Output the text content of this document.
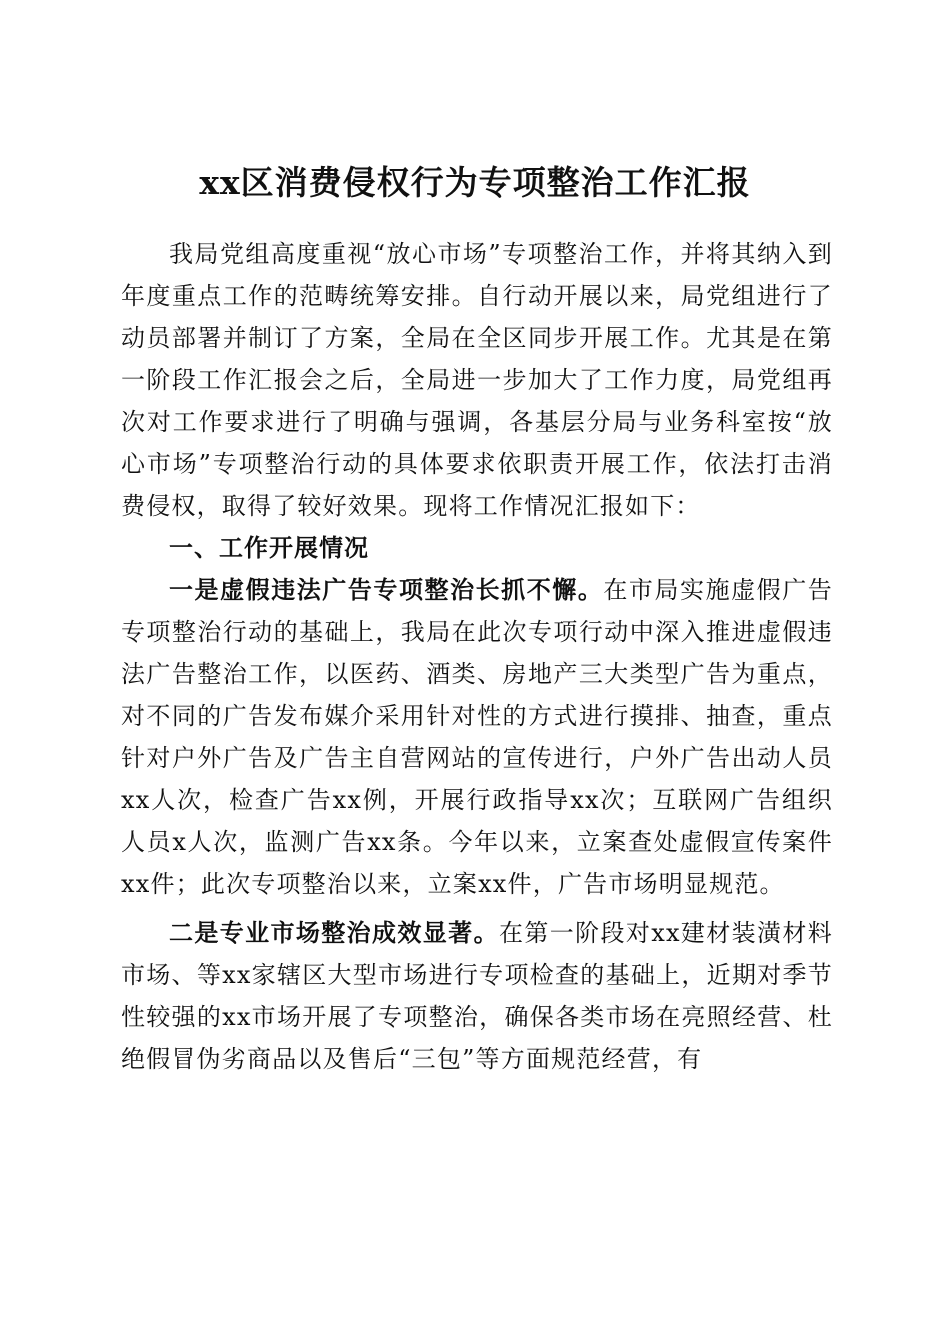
xx区消费侵权行为专项整治工作汇报

我局党组高度重视“放心市场”专项整治工作，并将其纳入到年度重点工作的范畴统筹安排。自行动开展以来，局党组进行了动员部署并制订了方案，全局在全区同步开展工作。尤其是在第一阶段工作汇报会之后，全局进一步加大了工作力度，局党组再次对工作要求进行了明确与强调，各基层分局与业务科室按“放心市场”专项整治行动的具体要求依职责开展工作，依法打击消费侵权，取得了较好效果。现将工作情况汇报如下：

一、工作开展情况

一是虚假违法广告专项整治长抓不懈。在市局实施虚假广告专项整治行动的基础上，我局在此次专项行动中深入推进虚假违法广告整治工作，以医药、酒类、房地产三大类型广告为重点，对不同的广告发布媒介采用针对性的方式进行摸排、抽查，重点针对户外广告及广告主自营网站的宣传进行，户外广告出动人员xx人次，检查广告xx例，开展行政指导xx次；互联网广告组织人员x人次，监测广告xx条。今年以来，立案查处虚假宣传案件xx件；此次专项整治以来，立案xx件，广告市场明显规范。

二是专业市场整治成效显著。在第一阶段对xx建材装潢材料市场、等xx家辖区大型市场进行专项检查的基础上，近期对季节性较强的xx市场开展了专项整治，确保各类市场在亮照经营、杜绝假冒伪劣商品以及售后“三包”等方面规范经营，有
